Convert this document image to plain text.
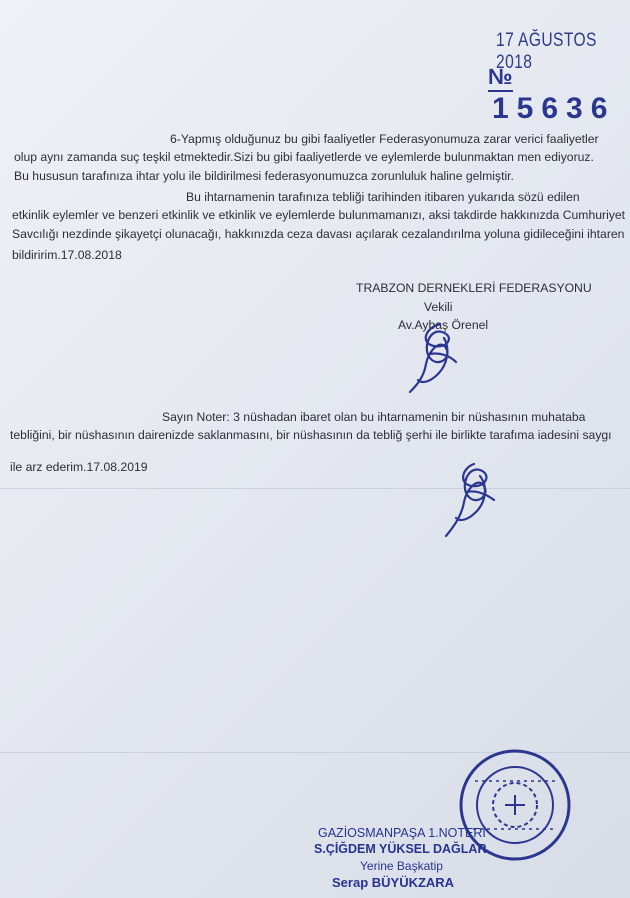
17 AĞUSTOS 2018
№15636
6-Yapmış olduğunuz bu gibi faaliyetler Federasyonumuza zarar verici faaliyetler
olup aynı zamanda suç teşkil etmektedir.Sizi bu gibi faaliyetlerde ve eylemlerde bulunmaktan men ediyoruz.
Bu hususun tarafınıza ihtar yolu ile bildirilmesi federasyonumuzca zorunluluk haline gelmiştir.
Bu ihtarnamenin tarafınıza tebliği tarihinden itibaren yukarıda sözü edilen
etkinlik eylemler ve benzeri etkinlik ve etkinlik ve eylemlerde bulunmamanızı, aksi takdirde hakkınızda Cumhuriyet
Savcılığı nezdinde şikayetçi olunacağı, hakkınızda ceza davası açılarak cezalandırılma yoluna gidileceğini ihtaren
bildiririm.17.08.2018
TRABZON DERNEKLERİ FEDERASYONU
Vekili
Av.Aybaş Örenel
Sayın Noter: 3 nüshadan ibaret olan bu ihtarnamenin bir nüshasının muhataba
tebliğini, bir nüshasının dairenizde saklanmasını, bir nüshasının da tebliğ şerhi ile birlikte tarafıma iadesini saygı
ile arz ederim.17.08.2019
GAZİOSMANPAŞA 1.NOTERİ
S.ÇİĞDEM YÜKSEL DAĞLAR
Yerine Başkatip
Serap BÜYÜKZARA
